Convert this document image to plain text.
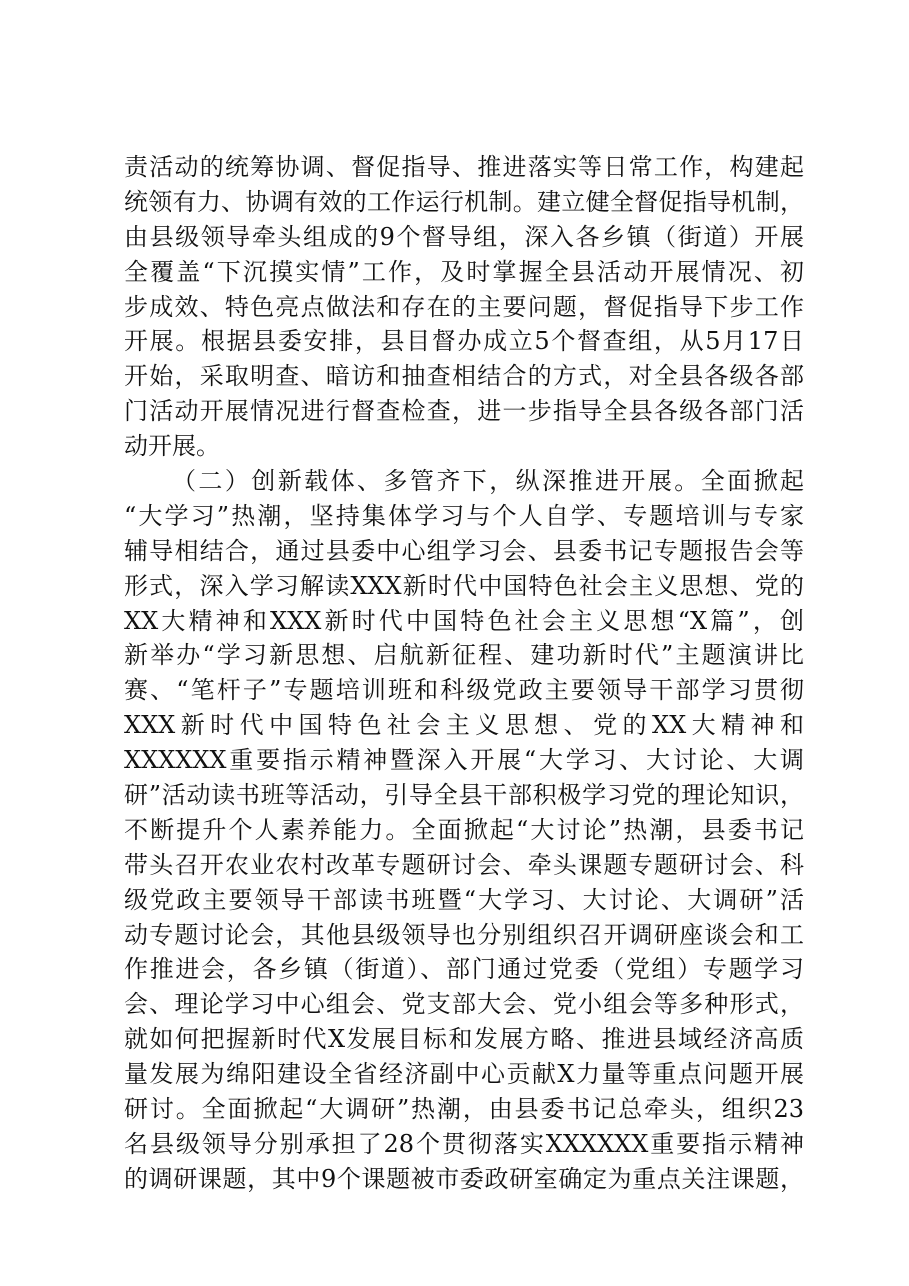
责活动的统筹协调、督促指导、推进落实等日常工作，构建起
统领有力、协调有效的工作运行机制。建立健全督促指导机制，
由县级领导牵头组成的9个督导组，深入各乡镇（街道）开展
全覆盖“下沉摸实情”工作，及时掌握全县活动开展情况、初
步成效、特色亮点做法和存在的主要问题，督促指导下步工作
开展。根据县委安排，县目督办成立5个督查组，从5月17日
开始，采取明查、暗访和抽查相结合的方式，对全县各级各部
门活动开展情况进行督查检查，进一步指导全县各级各部门活
动开展。
（二）创新载体、多管齐下，纵深推进开展。全面掀起
“大学习”热潮，坚持集体学习与个人自学、专题培训与专家
辅导相结合，通过县委中心组学习会、县委书记专题报告会等
形式，深入学习解读XXX新时代中国特色社会主义思想、党的
XX大精神和XXX新时代中国特色社会主义思想“X篇”，创
新举办“学习新思想、启航新征程、建功新时代”主题演讲比
赛、“笔杆子”专题培训班和科级党政主要领导干部学习贯彻
XXX新时代中国特色社会主义思想、党的XX大精神和
XXXXXX重要指示精神暨深入开展“大学习、大讨论、大调
研”活动读书班等活动，引导全县干部积极学习党的理论知识，
不断提升个人素养能力。全面掀起“大讨论”热潮，县委书记
带头召开农业农村改革专题研讨会、牵头课题专题研讨会、科
级党政主要领导干部读书班暨“大学习、大讨论、大调研”活
动专题讨论会，其他县级领导也分别组织召开调研座谈会和工
作推进会，各乡镇（街道）、部门通过党委（党组）专题学习
会、理论学习中心组会、党支部大会、党小组会等多种形式，
就如何把握新时代X发展目标和发展方略、推进县域经济高质
量发展为绵阳建设全省经济副中心贡献X力量等重点问题开展
研讨。全面掀起“大调研”热潮，由县委书记总牵头，组织23
名县级领导分别承担了28个贯彻落实XXXXXX重要指示精神
的调研课题，其中9个课题被市委政研室确定为重点关注课题，
